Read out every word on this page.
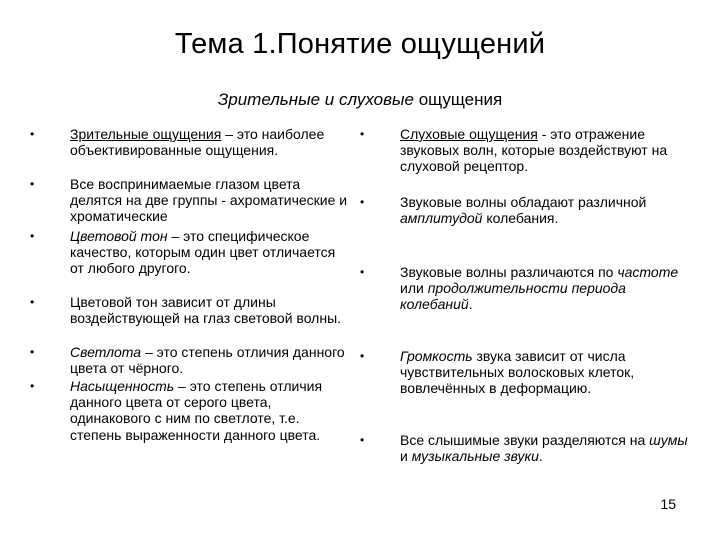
Тема 1.Понятие ощущений
Зрительные и слуховые ощущения
•	Зрительные ощущения – это наиболее объективированные ощущения.
•	Все воспринимаемые глазом цвета делятся на две группы - ахроматические и хроматические
•	Цветовой тон – это специфическое качество, которым один цвет отличается от любого другого.
•	Цветовой тон зависит от длины воздействующей на глаз световой волны.
•	Светлота – это степень отличия данного цвета от чёрного.
•	Насыщенность – это степень отличия данного цвета от серого цвета, одинакового с ним по светлоте, т.е. степень выраженности данного цвета.
•	Слуховые ощущения - это отражение звуковых волн, которые воздействуют на слуховой рецептор.
•	Звуковые волны обладают различной амплитудой колебания.
•	Звуковые волны различаются по частоте или продолжительности периода колебаний.
•	Громкость звука зависит от числа чувствительных волосковых клеток, вовлечённых в деформацию.
•	Все слышимые звуки разделяются на шумы и музыкальные звуки.
15
